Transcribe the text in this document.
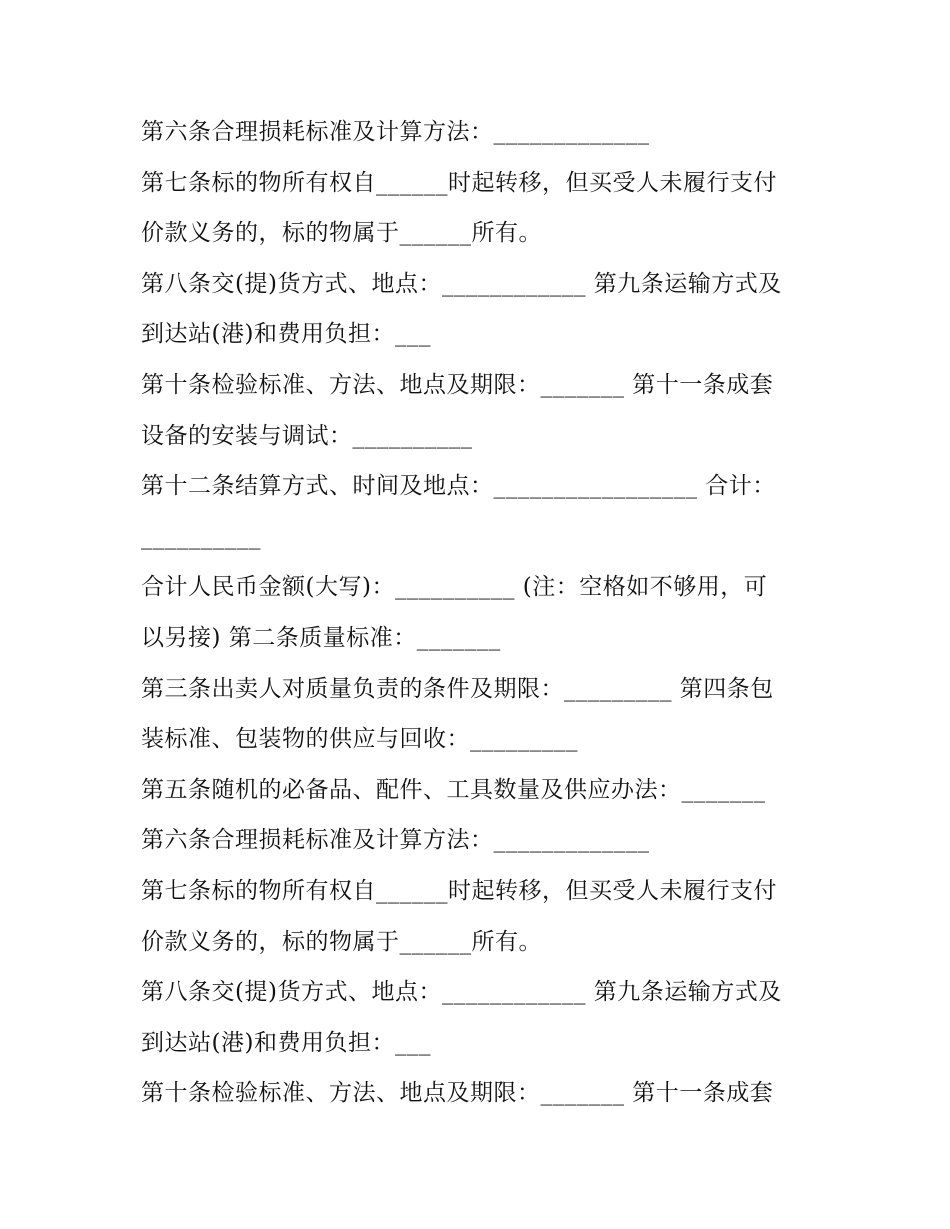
第六条合理损耗标准及计算方法：_____________
第七条标的物所有权自______时起转移，但买受人未履行支付
价款义务的，标的物属于______所有。
第八条交(提)货方式、地点：____________ 第九条运输方式及
到达站(港)和费用负担：___
第十条检验标准、方法、地点及期限：_______ 第十一条成套
设备的安装与调试：__________
第十二条结算方式、时间及地点：_________________ 合计：
__________
合计人民币金额(大写)：__________ (注：空格如不够用，可
以另接) 第二条质量标准：_______
第三条出卖人对质量负责的条件及期限：_________ 第四条包
装标准、包装物的供应与回收：_________
第五条随机的必备品、配件、工具数量及供应办法：_______
第六条合理损耗标准及计算方法：_____________
第七条标的物所有权自______时起转移，但买受人未履行支付
价款义务的，标的物属于______所有。
第八条交(提)货方式、地点：____________ 第九条运输方式及
到达站(港)和费用负担：___
第十条检验标准、方法、地点及期限：_______ 第十一条成套
